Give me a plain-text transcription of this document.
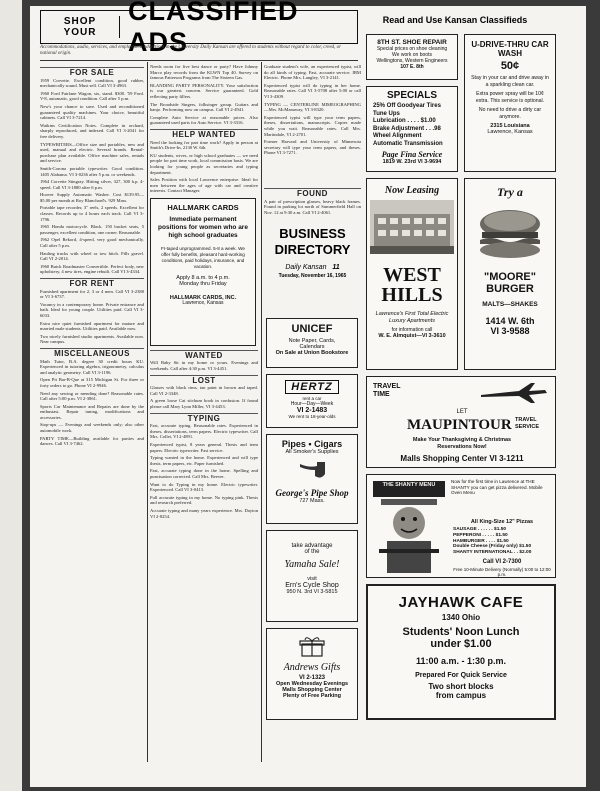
SHOP YOUR
CLASSIFIED ADS
Accommodations, audio, services, and employment advertised in the University Daily Kansan are offered to students without regard to color, creed, or national origin.
Read and Use Kansan Classifieds
FOR SALE

1959 Corvette. Excellent condition, good rubber, mechanically sound. Must sell. Call VI 3-4963.

1960 Ford Fairlane Wagon, six, stand. $300. '59 Ford. V-8, automatic, good condition. Call after 5 p.m.

New's your chance to save. Used and reconditioned guaranteed quality machines. Your choice, beautiful cabinets. Call VI 3-7214.

Watkins Certification Notes. Complete in orchard, sharply reproduced, and indexed. Call VI 3-2041 for free delivery.

TYPEWRITERS—Office size and portables, new and used, manual and electric. Several brands. Rental-purchase plan available. Office machine sales, rentals and service.

Smith-Corona portable typewriter. Good condition. 1405 Alabama. VI 3-0236 after 5 p.m. or weekends.

1964 Corvette Stingray. Hitting silver, 327, 300 h.p. 4-speed. Call VI 3-1880 after 6 p.m.

Hoover Supply Automatic Washer. Cost $139.95—$5.00 per month at Roy Blanchard's. 929 Mass.

Portable tape recorder, 3" reels, 2 speeds. Excellent for classes. Records up to 4 hours each track. Call VI 3-1796.

1965 Honda motorcycle. Black. 150 bucket seats, 5 passenger, excellent condition, one owner. Reasonable.

1962 Opel Rekord, 4-speed, very good mechanically. Call after 5 p.m.

Hauling trucks with wheel or tow hitch. Fills gravel. Call VI 2-2014.

1960 Buick Roadmaster Convertible. Perfect body, new upholstery, 4 new tires, engine rebuilt. Call VI 3-4334.

FOR RENT

Furnished apartment for 2, 3 or 4 men. Call VI 3-2380 or VI 3-6737.

Vacancy in a contemporary home. Private entrance and bath. Ideal for young couple. Utilities paid. Call VI 3-6033.

Extra nice quiet furnished apartment for mature and married male students. Utilities paid. Available now.

Two nicely furnished studio apartments. Available now. Near campus.

MISCELLANEOUS

Math Tutor, B.A. degree 30 credit hours KU. Experienced in tutoring algebra, trigonometry, calculus and analytic geometry. Call VI 3-1196.

Open Pit Bar-B-Que at 315 Michigan St. For three or forty orders to go. Phone VI 2-9946.

Need any sewing or mending done? Reasonable rates. Call after 5:00 p.m. VI 2-3861.

Sports Car Maintenance and Repairs are done by the enthusiast. Repair tuning, modifications and accessories.

Stop-ups — Evenings and weekends only; also other automobile work.

PARTY TIME—Building available for parties and dances. Call VI 3-7462.

Needs room for five best dance or party? Have Johnny Marco play records from the KLWN Top 40. Survey on famous Patterson Programs from The Sixteen Gas.

BLANDING PARTY PERSONALITY. Your satisfaction is our greatest concern. Service guaranteed. Gold reflecting party fillers.

The Broadside Singers, folksinger group. Guitars and banjo. Performing now on campus. Call VI 2-4941.

Complete Auto Service at reasonable prices. Also guaranteed used parts for Auto Service. VI 3-3316.

HELP WANTED

Need the looking for part time work? Apply in person at Smith's Drive-In, 2130 W. 6th.

KU students, wives, or high school graduates — we need people for part time work, local commission basis. We are looking for young people as secretaries and typing department.

Sales Position with local Lawrence enterprise. Ideal for men between the ages of age with car and creative interests. Contact Manager.

HALLMARK CARDS
Immediate permanent positions for women who are high school graduates
FI-taped unprogrammed. 5-8 a week. We offer fully benefits, pleasant hard-working conditions, paid holidays, insurance, and vacation.
Apply 8 a.m. to 4 p.m.
Monday thru Friday
HALLMARK CARDS, INC.
Lawrence, Kansas
WANTED

Will Baby Sit in my home or yours. Evenings and weekends. Call after 4:30 p.m. VI 3-4451.

LOST

Glasses with black rims, tan paint in brown and taped. Call VI 2-3348.

A green loose Cat sitchum book in confusion. If found please call Mary Lynn Miller, VI 3-4453.

TYPING

Fast, accurate typing. Reasonable rates. Experienced in theses, dissertations, term papers. Electric typewriter. Call Mrs. Collet, VI 2-4891.

Experienced typist, 8 years general. Thesis and term papers. Electric typewriter. Fast service.

Typing wanted in the home. Experienced and will type thesis, term papers, etc. Paper furnished.

Fast, accurate typing done in the home. Spelling and punctuation corrected. Call Mrs. Beever.

Want to do Typing in my home. Electric typewriter. Experienced. Call VI 3-0413.

Full accurate typing in my home. No typing pink. Thesis and research preferred.

Accurate typing and many years experience. Mrs. Dayton VI 2-8254.

Graduate student's wife, an experienced typist, will do all kinds of typing. Fast, accurate service. IBM Electric. Phone Mrs. Langley, VI 3-2141.

Experienced typist will do typing in her home. Reasonable rates. Call VI 3-5708 after 5:00 or call VI 3-4309.

TYPING — CENTERLINE MIMEOGRAPHING—Mrs. McManaway, VI 3-8320.

Experienced typist will type your term papers, theses, dissertations, manuscripts. Copies made while you wait. Reasonable rates. Call Mrs. Martindale, VI 2-2701.

Former Harvard and University of Minnesota secretary will type your term papers, and theses. Phone VI 3-7271.

FOUND

A pair of prescription glasses, heavy black frames. Found in parking lot north of Summerfield Hall on Nov. 12 at 9:30 a.m. Call VI 2-4061.

BUSINESS DIRECTORY
Daily Kansan 11
Tuesday, November 16, 1965
UNICEF
Note Paper, Cards,
Calendars
On Sale at Union Bookstore
HERTZ
rent a car
Hour—Day—Week
VI 2-1483
We rent to 18-year-olds
Pipes • Cigars
All Smoker's Supplies
George's Pipe Shop
727 Mass.
take advantage
of the
Yamaha Sale!
visit
Ern's Cycle Shop
950 N. 3rd VI 3-5815
Andrews Gifts
VI 2-1323
Open Wednesday Evenings
Malls Shopping Center
Plenty of Free Parking
8TH ST. SHOE REPAIR
Special prices on shoe cleaning
We work on boots
Wellingtons, Western Engineers
107 E. 8th
SPECIALS
25% Off Goodyear Tires
Tune Ups
Lubrication . . . . $1.00
Brake Adjustment . . .98
Wheel Alignment
Automatic Transmission
Page Fina Service
1819 W. 23rd VI 3-9694
U-DRIVE-THRU CAR WASH
50¢
Stay in your car and drive away in a sparkling clean car.
Extra power spray will be 10¢ extra. This service is optional.
No need to drive a dirty car anymore.
2315 Louisiana
Lawrence, Kansas
Now Leasing
WEST HILLS
Lawrence's First Total Electric Luxury Apartments
for information call
W. E. Almquist—VI 3-3610
Try a
"MOORE" BURGER
MALTS—SHAKES
1414 W. 6th
VI 3-9588
TRAVEL TIME
LET
MAUPINTOUR TRAVEL SERVICE
Make Your Thanksgiving & Christmas Reservations Now!
Malls Shopping Center VI 3-1211
THE SHANTY MENU
Now for the first time in Lawrence at THE SHANTY you can get pizza delivered. Mobile Oven Menu
All King-Size 12" Pizzas
SAUSAGE . . . . . . $1.50
PEPPERONI . . . . . $1.50
HAMBURGER . . . . $1.50
Double Cheese (Friday only) $1.50
SHANTY INTERNATIONAL . . $2.00
Call VI 2-7300
Free 10-Minute Delivery (Normally) 5:00 to 12:00 p.m.
JAYHAWK CAFE
1340 Ohio
Students' Noon Lunch
under $1.00
11:00 a.m. - 1:30 p.m.
Prepared For Quick Service
Two short blocks
from campus
